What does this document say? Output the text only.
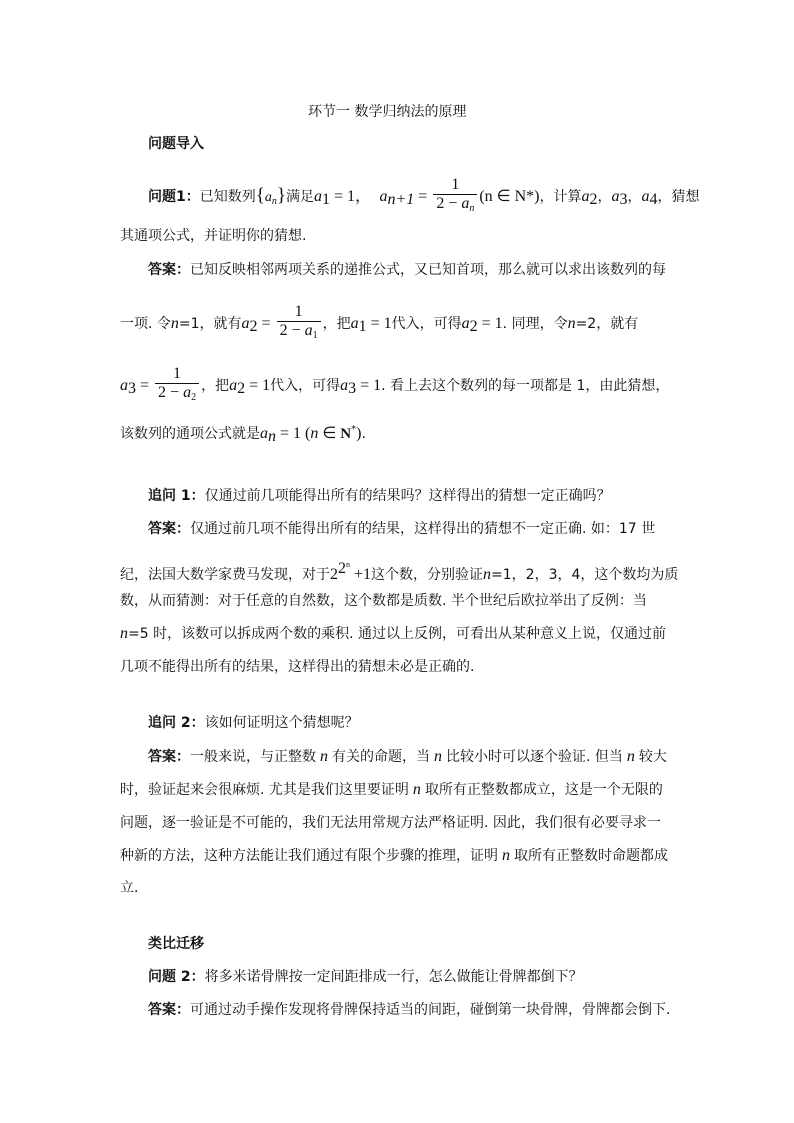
环节一 数学归纳法的原理
问题导入
问题1：已知数列$\{a_n\}$满足$a_1 = 1$， $a_{n+1} = \frac{1}{2 - a_n} (n$ ∈ N*)，计算$a_2$，$a_3$，$a_4$，猜想
其通项公式，并证明你的猜想.
答案：已知反映相邻两项关系的递推公式，又已知首项，那么就可以求出该数列的每
一项. 令n=1，就有$a_2 = \frac{1}{2 - a_1}$ ，把$a_1 = 1$代入，可得$a_2 = 1$. 同理，令n=2，就有
$a_3 = \frac{1}{2 - a_2}$ ，把$a_2 = 1$代入，可得$a_3 = 1$. 看上去这个数列的每一项都是 1，由此猜想，
该数列的通项公式就是$a_n = 1$ (n ∈ N*).
追问 1：仅通过前几项能得出所有的结果吗？这样得出的猜想一定正确吗？
答案：仅通过前几项不能得出所有的结果，这样得出的猜想不一定正确. 如：17 世
纪，法国大数学家费马发现，对于$2^{2^n} +1$这个数，分别验证n=1，2，3，4，这个数均为质
数，从而猜测：对于任意的自然数，这个数都是质数. 半个世纪后欧拉举出了反例：当
n=5 时，该数可以拆成两个数的乘积. 通过以上反例，可看出从某种意义上说，仅通过前
几项不能得出所有的结果，这样得出的猜想未必是正确的.
追问 2：该如何证明这个猜想呢？
答案：一般来说，与正整数 n 有关的命题，当 n 比较小时可以逐个验证. 但当 n 较大
时，验证起来会很麻烦. 尤其是我们这里要证明 n 取所有正整数都成立，这是一个无限的
问题，逐一验证是不可能的，我们无法用常规方法严格证明. 因此，我们很有必要寻求一
种新的方法，这种方法能让我们通过有限个步骤的推理，证明 n 取所有正整数时命题都成
立.
类比迁移
问题 2：将多米诺骨牌按一定间距排成一行，怎么做能让骨牌都倒下？
答案：可通过动手操作发现将骨牌保持适当的间距，碰倒第一块骨牌，骨牌都会倒下.
